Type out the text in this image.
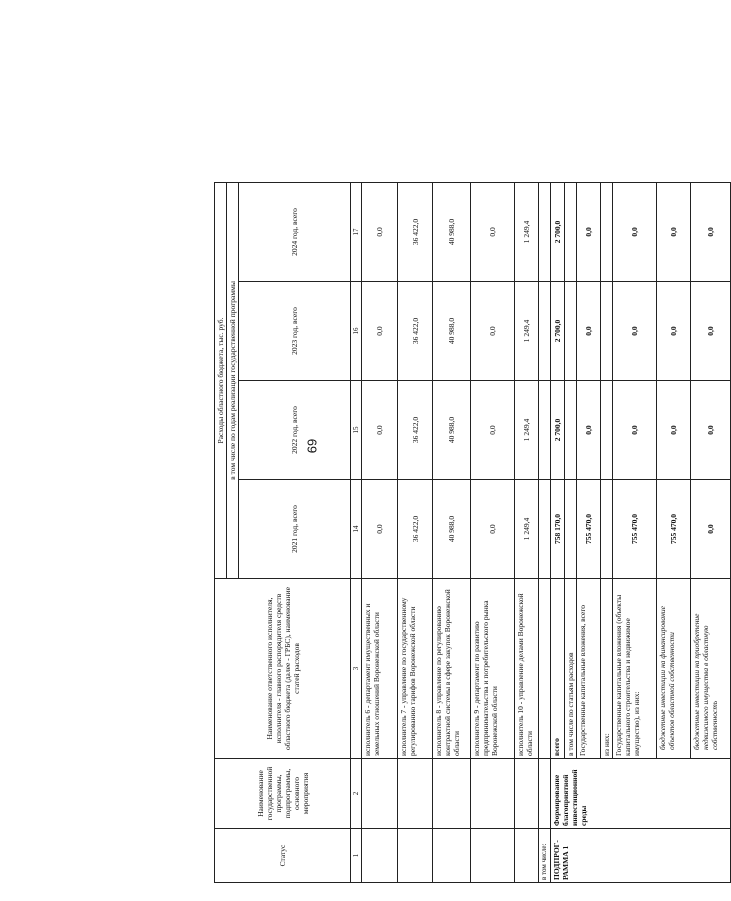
69
Статус	Наименование государственной программы, подпрограммы, основного мероприятия	Наименование ответственного исполнителя, исполнителя - главного распорядителя средств областного бюджета (далее - ГРБС), наименование статей расходов	Расходы областного бюджета, тыс. руб.			
			в том числе по годам реализации государственной программы			
			2021 год, всего	2022 год, всего	2023 год, всего	2024 год, всего
1	2	3	14	15	16	17
		исполнитель 6 - департамент имущественных и земельных отношений Воронежской области	0,0	0,0	0,0	0,0
		исполнитель 7 - управление по государственному регулированию тарифов Воронежской области	36 422,0	36 422,0	36 422,0	36 422,0
		исполнитель 8 - управление по регулированию контрактной системы в сфере закупок Воронежской области	40 988,0	40 988,0	40 988,0	40 988,0
		исполнитель 9 - департамент по развитию предпринимательства и потребительского рынка Воронежской области	0,0	0,0	0,0	0,0
		исполнитель 10 - управление делами Воронежской области	1 249,4	1 249,4	1 249,4	1 249,4
в том числе:						
ПОДПРОГ-РАММА 1	Формирование благоприятной инвестиционной среды	всего	758 170,0	2 700,0	2 700,0	2 700,0
		в том числе по статьям расходов				
		Государственные капитальные вложения, всего	755 470,0	0,0	0,0	0,0
		из них:				
		Государственные капитальные вложения (объекты капитального строительства и недвижимое имущество), из них:	755 470,0	0,0	0,0	0,0
		бюджетные инвестиции на финансирование объектов областной собственности	755 470,0	0,0	0,0	0,0
		бюджетные инвестиции на приобретение недвижимого имущества в областную собственность	0,0	0,0	0,0	0,0
